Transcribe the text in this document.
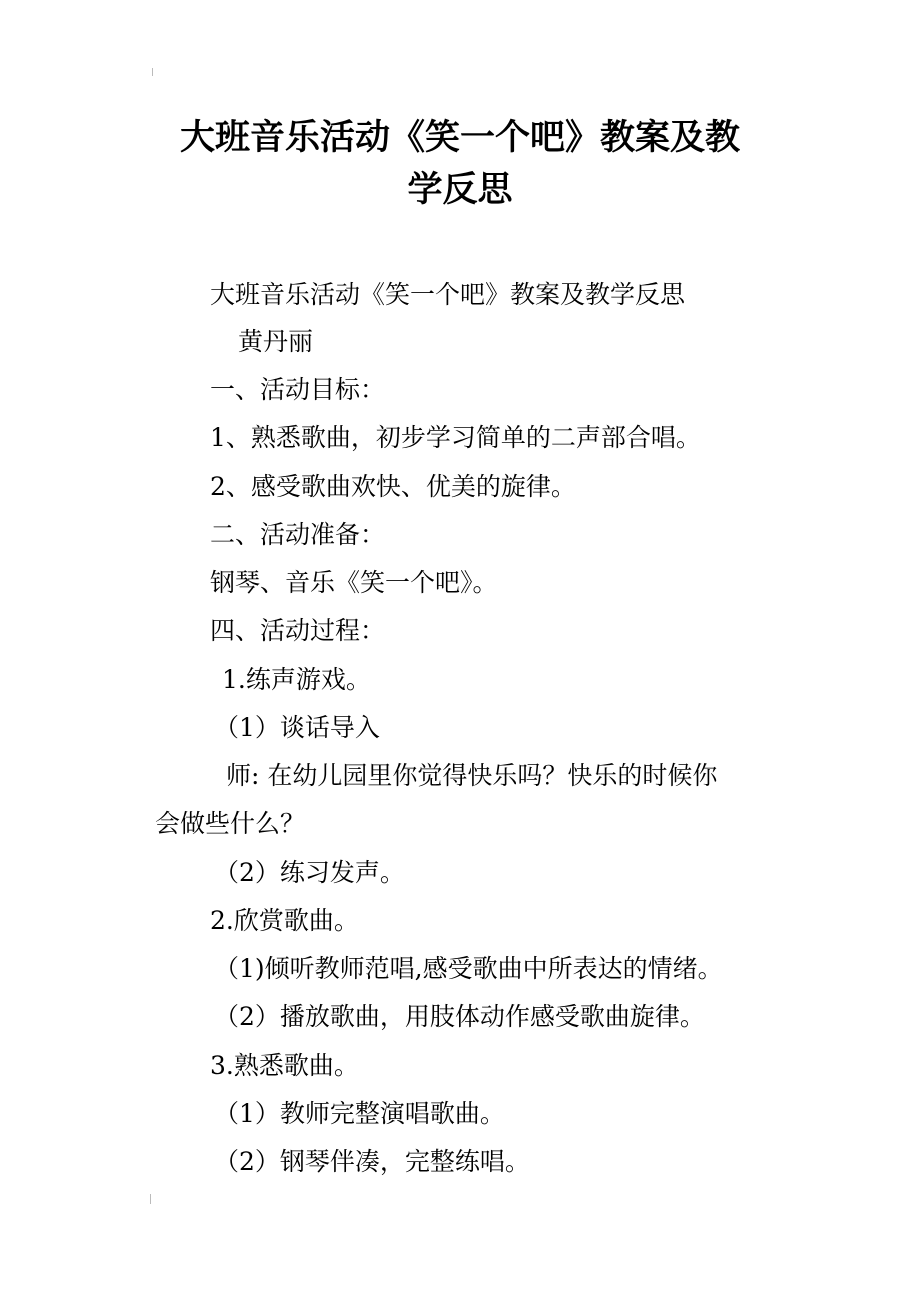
大班音乐活动《笑一个吧》教案及教
学反思
大班音乐活动《笑一个吧》教案及教学反思
黄丹丽
一、活动目标：
1、熟悉歌曲，初步学习简单的二声部合唱。
2、感受歌曲欢快、优美的旋律。
二、活动准备：
钢琴、音乐《笑一个吧》。
四、活动过程：
1.练声游戏。
（1）谈话导入
师: 在幼儿园里你觉得快乐吗？快乐的时候你
会做些什么？
（2）练习发声。
2.欣赏歌曲。
（1)倾听教师范唱,感受歌曲中所表达的情绪。
（2）播放歌曲，用肢体动作感受歌曲旋律。
3.熟悉歌曲。
（1）教师完整演唱歌曲。
（2）钢琴伴凑，完整练唱。
